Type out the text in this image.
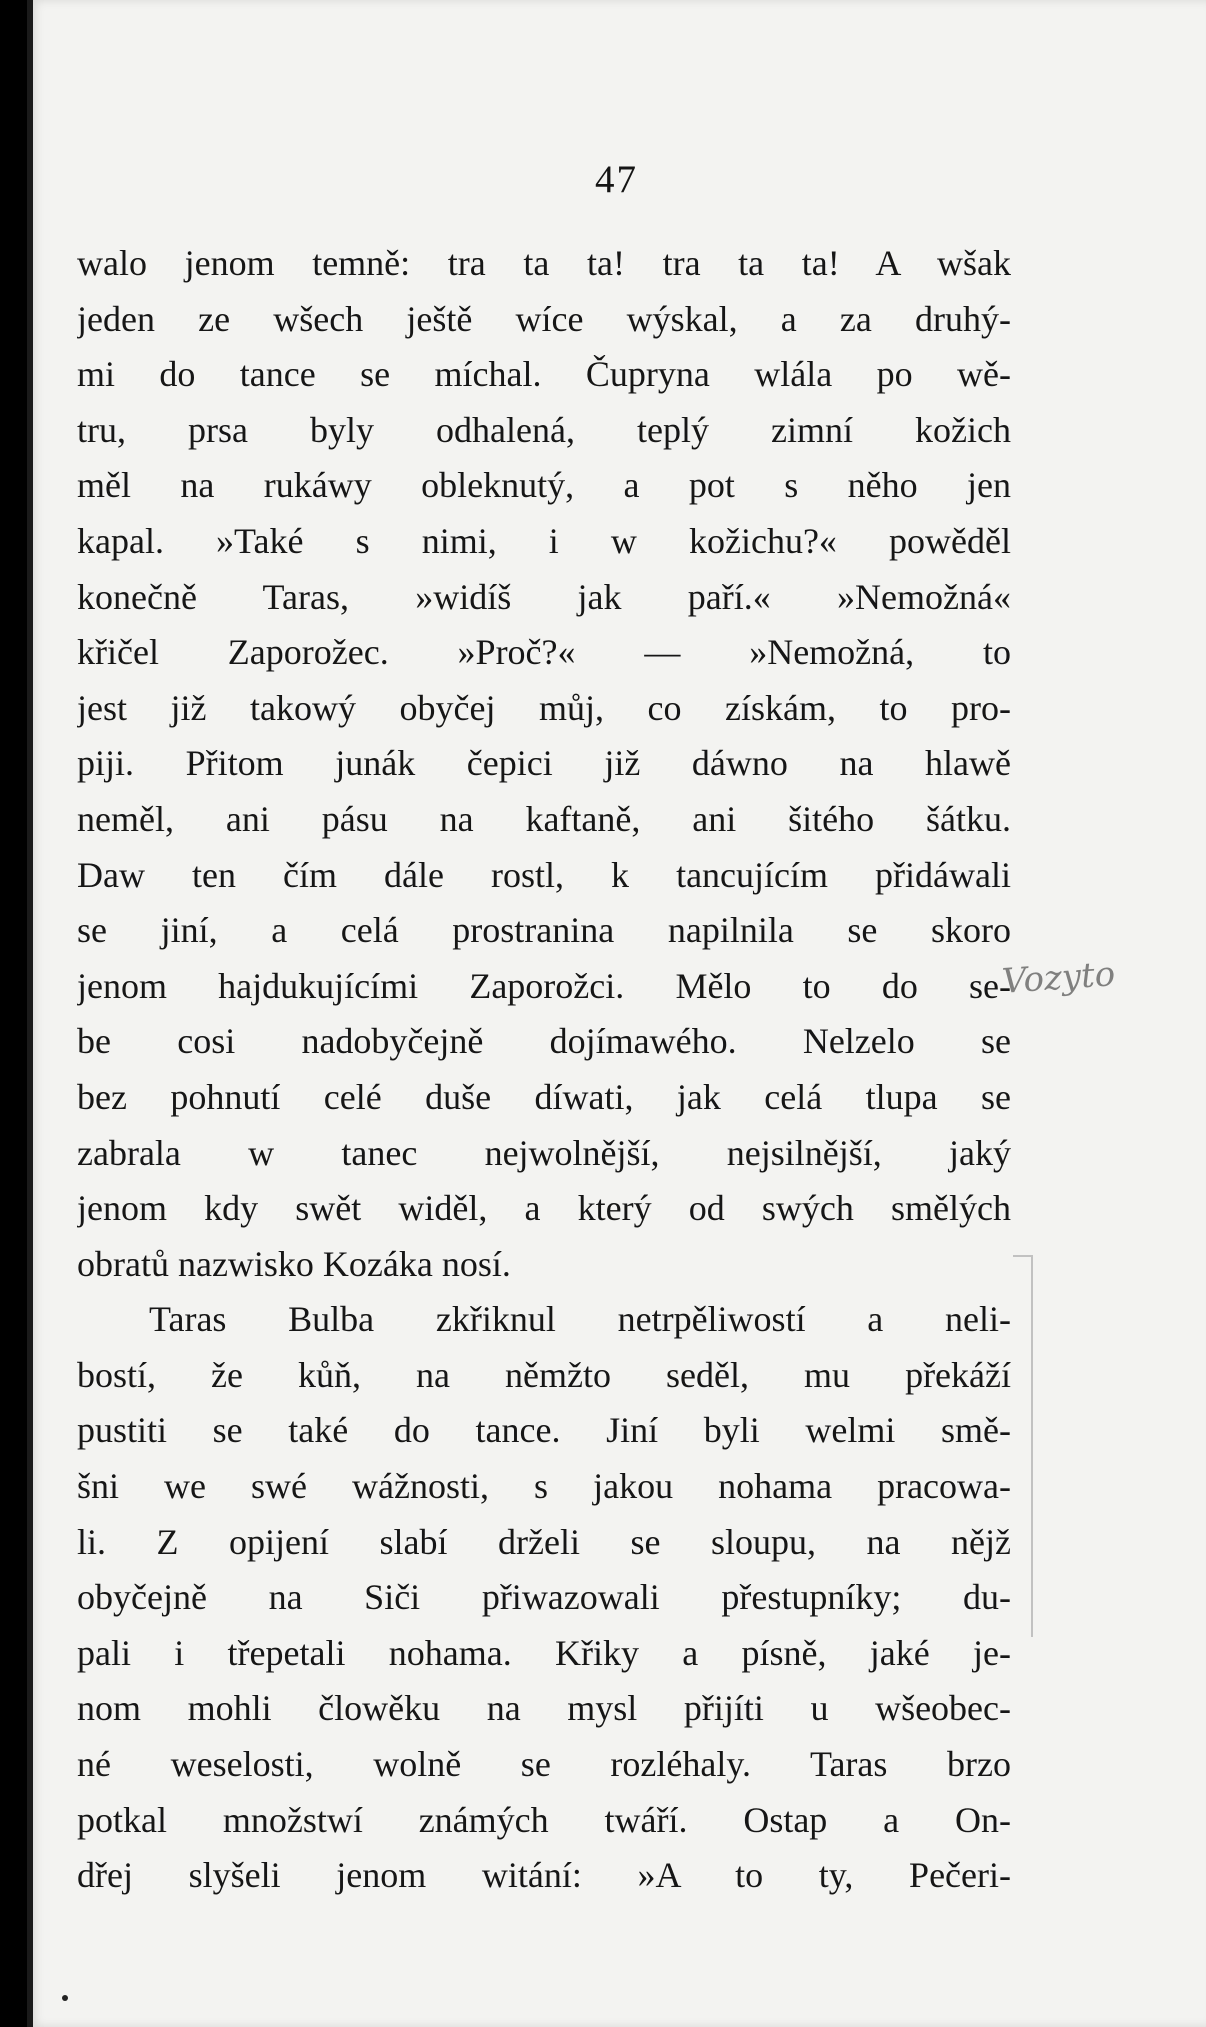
47
walo jenom temně: tra ta ta! tra ta ta! A wšak
jeden ze wšech ještě wíce wýskal, a za druhý-
mi do tance se míchal. Čupryna wlála po wě-
tru, prsa byly odhalená, teplý zimní kožich
měl na rukáwy obleknutý, a pot s něho jen
kapal. »Také s nimi, i w kožichu?« powěděl
konečně Taras, »widíš jak paří.« »Nemožná«
křičel Zaporožec. »Proč?« — »Nemožná, to
jest již takowý obyčej můj, co získám, to pro-
piji. Přitom junák čepici již dáwno na hlawě
neměl, ani pásu na kaftaně, ani šitého šátku.
Daw ten čím dále rostl, k tancujícím přidáwali
se jiní, a celá prostranina napilnila se skoro
jenom hajdukujícími Zaporožci. Mělo to do se-
be cosi nadobyčejně dojímawého. Nelzelo se
bez pohnutí celé duše díwati, jak celá tlupa se
zabrala w tanec nejwolnější, nejsilnější, jaký
jenom kdy swět widěl, a který od swých smělých
obratů nazwisko Kozáka nosí.
Taras Bulba zkřiknul netrpěliwostí a neli-
bostí, že kůň, na němžto seděl, mu překáží
pustiti se také do tance. Jiní byli welmi smě-
šni we swé wážnosti, s jakou nohama pracowa-
li. Z opijení slabí drželi se sloupu, na nějž
obyčejně na Siči přiwazowali přestupníky; du-
pali i třepetali nohama. Křiky a písně, jaké je-
nom mohli člowěku na mysl přijíti u wšeobec-
né weselosti, wolně se rozléhaly. Taras brzo
potkal množstwí známých twáří. Ostap a On-
dřej slyšeli jenom witání: »A to ty, Pečeri-
Vozyto
